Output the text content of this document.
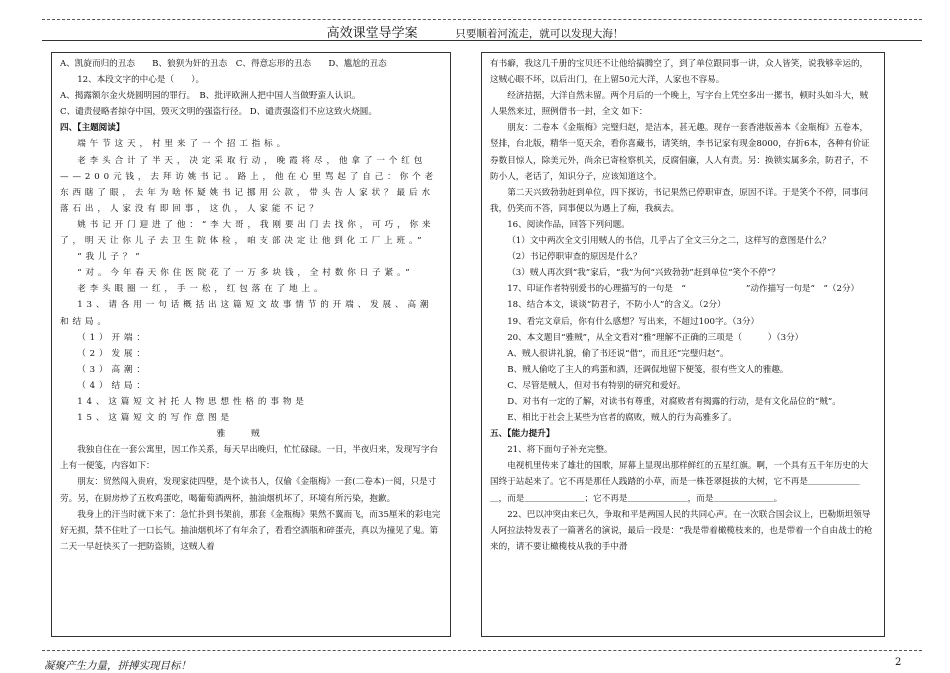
高效课堂导学案	只要顺着河流走，就可以发现大海！

A、凯旋而归的丑态　　B、狼狈为奸的丑态　C、得意忘形的丑态　　D、尴尬的丑态

12、本段文字的中心是（　　）。

A、揭露额尔金火烧圆明园的罪行。　B、批评欧洲人把中国人当做野蛮人认识。

C、谴责侵略者掠夺中国，毁灭文明的强盗行径。 D、谴责强盗们不应这致火烧圆。

四、【主题阅读】

端午节这天，村里来了一个招工指标。

老李头合计了半天，决定采取行动，晚霞将尽，他拿了一个红包——200元钱，去拜访姚书记。路上，他在心里骂起了自己：你个老东西瞎了眼，去年为啥怀疑姚书记挪用公款，带头告人家状？最后水落石出，人家没有即回事，这仇，人家能不记？

姚书记开门迎进了他：“李大哥，我刚要出门去找你，可巧，你来了，明天让你儿子去卫生院体检，咱支部决定让他到化工厂上班。”

“我儿子？”

“对。今年春天你住医院花了一万多块钱，全村数你日子紧。”

老李头眼圈一红，手一松，红包落在了地上。

13、请各用一句话概括出这篇短文故事情节的开端、发展、高潮和结局。

（1）开端：

（2）发展：

（3）高潮：

（4）结局：

14、这篇短文衬托人物思想性格的事物是

15、这篇短文的写作意图是

雅贼

我独自住在一套公寓里，因工作关系，每天早出晚归，忙忙碌碌。一日，半夜归来，发现写字台上有一便笺，内容如下：

朋友：贸然闯入贵府，发现家徒四壁，是个读书人，仅偷《金瓶梅》一套(二卷本)一阅，只是寸劳。另，在厨房炒了五枚鸡蛋吃，喝葡萄酒两杯，抽油烟机坏了，环境有所污染，抱歉。

我身上的汗当时就下来了：急忙扑到书架前，那套《金瓶梅》果然不翼而飞，而35厘米的彩电完好无损，禁不住吐了一口长气。抽油烟机坏了有年余了，看看空酒瓶和碎蛋壳，真以为撞见了鬼。第二天一早赶快买了一把防盗锁，这贼人着

有书癖，我这几千册的宝贝还不让他给搞腾空了，到了单位跟同事一讲，众人皆笑，说我够幸运的，这贼心眼不坏，以后出门，在上留50元大洋，人家也不容易。

经济拮据，大洋自然未留。两个月后的一个晚上，写字台上凭空多出一摞书，顿时头如斗大，贼人果然来过，照例借书一封，全文 如下：

朋友：二卷本《金瓶梅》完璧归赵，是洁本，甚无趣。现存一套香港版善本《金瓶梅》五卷本，竖排，台北版，精华一览天余，看你喜藏书，请笑纳，李书记家有现金8000，存折6本，各种有价证券数目惊人，除美元外，尚余已寄检察机关，反腐倡廉，人人有责。另：换锁实属多余，防君子，不防小人，老话了，知识分子，应该知道这个。

第二天兴致勃勃赶到单位，四下探访，书记果然已停职审查，原因不详。于是笑个不停，同事问我，仍笑而不答，同事便以为遇上了痴，我疯去。

16、阅读作品，回答下列问题。

（1）文中两次全文引用贼人的书信，几乎占了全文三分之二，这样写的意图是什么？

（2）书记停职审查的原因是什么？

（3）贼人再次到“我”家后，“我”为何“兴致勃勃”赶到单位“笑个不停”？

17、印证作者特别爱书的心理描写的一句是　“　　　　　　　”动作描写一句是“　”（2分）

18、结合本文，谈谈“防君子，不防小人”的含义。（2分）

19、看完文章后，你有什么感想？写出来，不超过100字。（3分）

20、本文题目“雅贼”，从全文看对“雅”理解不正确的三项是（　　　）（3分）

A、贼人很讲礼貌，偷了书还说“借”，而且还“完璧归赵”。

B、贼人偷吃了主人的鸡蛋和酒，还调侃地留下便笺，很有些文人的雅趣。

C、尽管是贼人，但对书有特别的研究和爱好。

D、对书有一定的了解，对读书有尊重，对腐败者有揭露的行动，是有文化品位的“贼”。

E、相比于社会上某些为官者的腐败，贼人的行为高雅多了。

五、【能力提升】

21、将下面句子补充完整。

电视机里传来了雄壮的国歌，屏幕上显现出那样鲜红的五星红旗。啊，一个具有五千年历史的大国终于站起来了。它不再是那任人践踏的小草，而是一株苍翠挺拔的大树，它不再是＿＿＿＿＿＿＿，而是＿＿＿＿＿＿＿；它不再是＿＿＿＿＿＿＿，而是＿＿＿＿＿＿＿。

22、巴以冲突由来已久，争取和平是两国人民的共同心声。在一次联合国会议上，巴勒斯坦领导人阿拉法特发表了一篇著名的演说，最后一段是：“我是带着橄榄枝来的，也是带着一个自由战士的枪来的，请不要让橄榄枝从我的手中滑

凝聚产生力量，拼搏实现目标！	2
